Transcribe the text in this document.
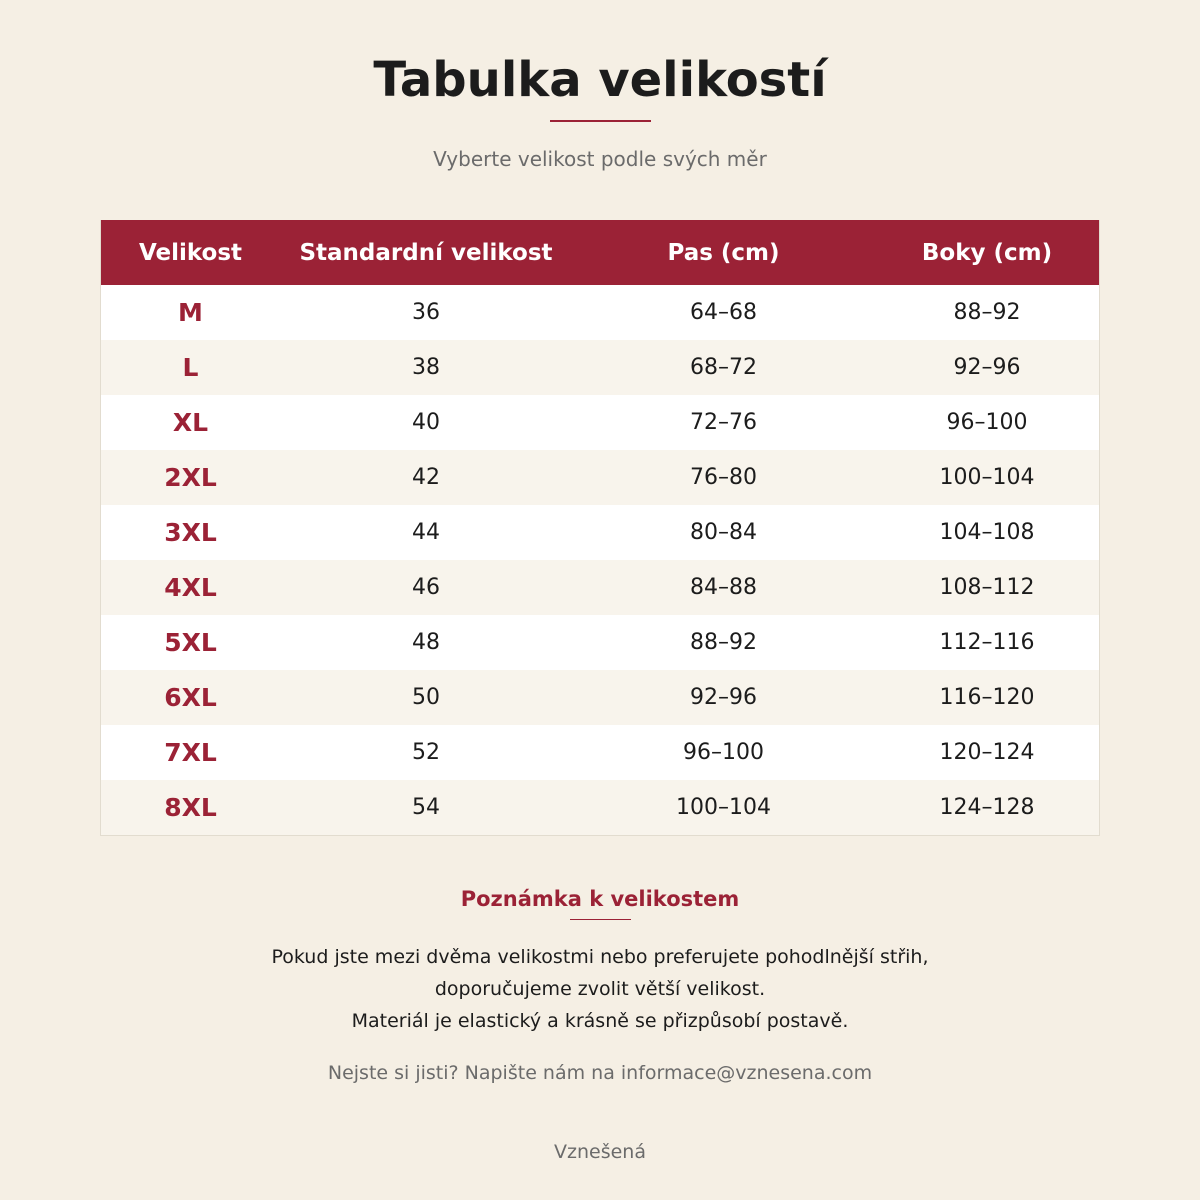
Tabulka velikostí
Vyberte velikost podle svých měr
Velikost	Standardní velikost	Pas (cm)	Boky (cm)
M	36	64–68	88–92
L	38	68–72	92–96
XL	40	72–76	96–100
2XL	42	76–80	100–104
3XL	44	80–84	104–108
4XL	46	84–88	108–112
5XL	48	88–92	112–116
6XL	50	92–96	116–120
7XL	52	96–100	120–124
8XL	54	100–104	124–128
Poznámka k velikostem
Pokud jste mezi dvěma velikostmi nebo preferujete pohodlnější střih,
doporučujeme zvolit větší velikost.
Materiál je elastický a krásně se přizpůsobí postavě.
Nejste si jisti? Napište nám na informace@vznesena.com
Vznešená
